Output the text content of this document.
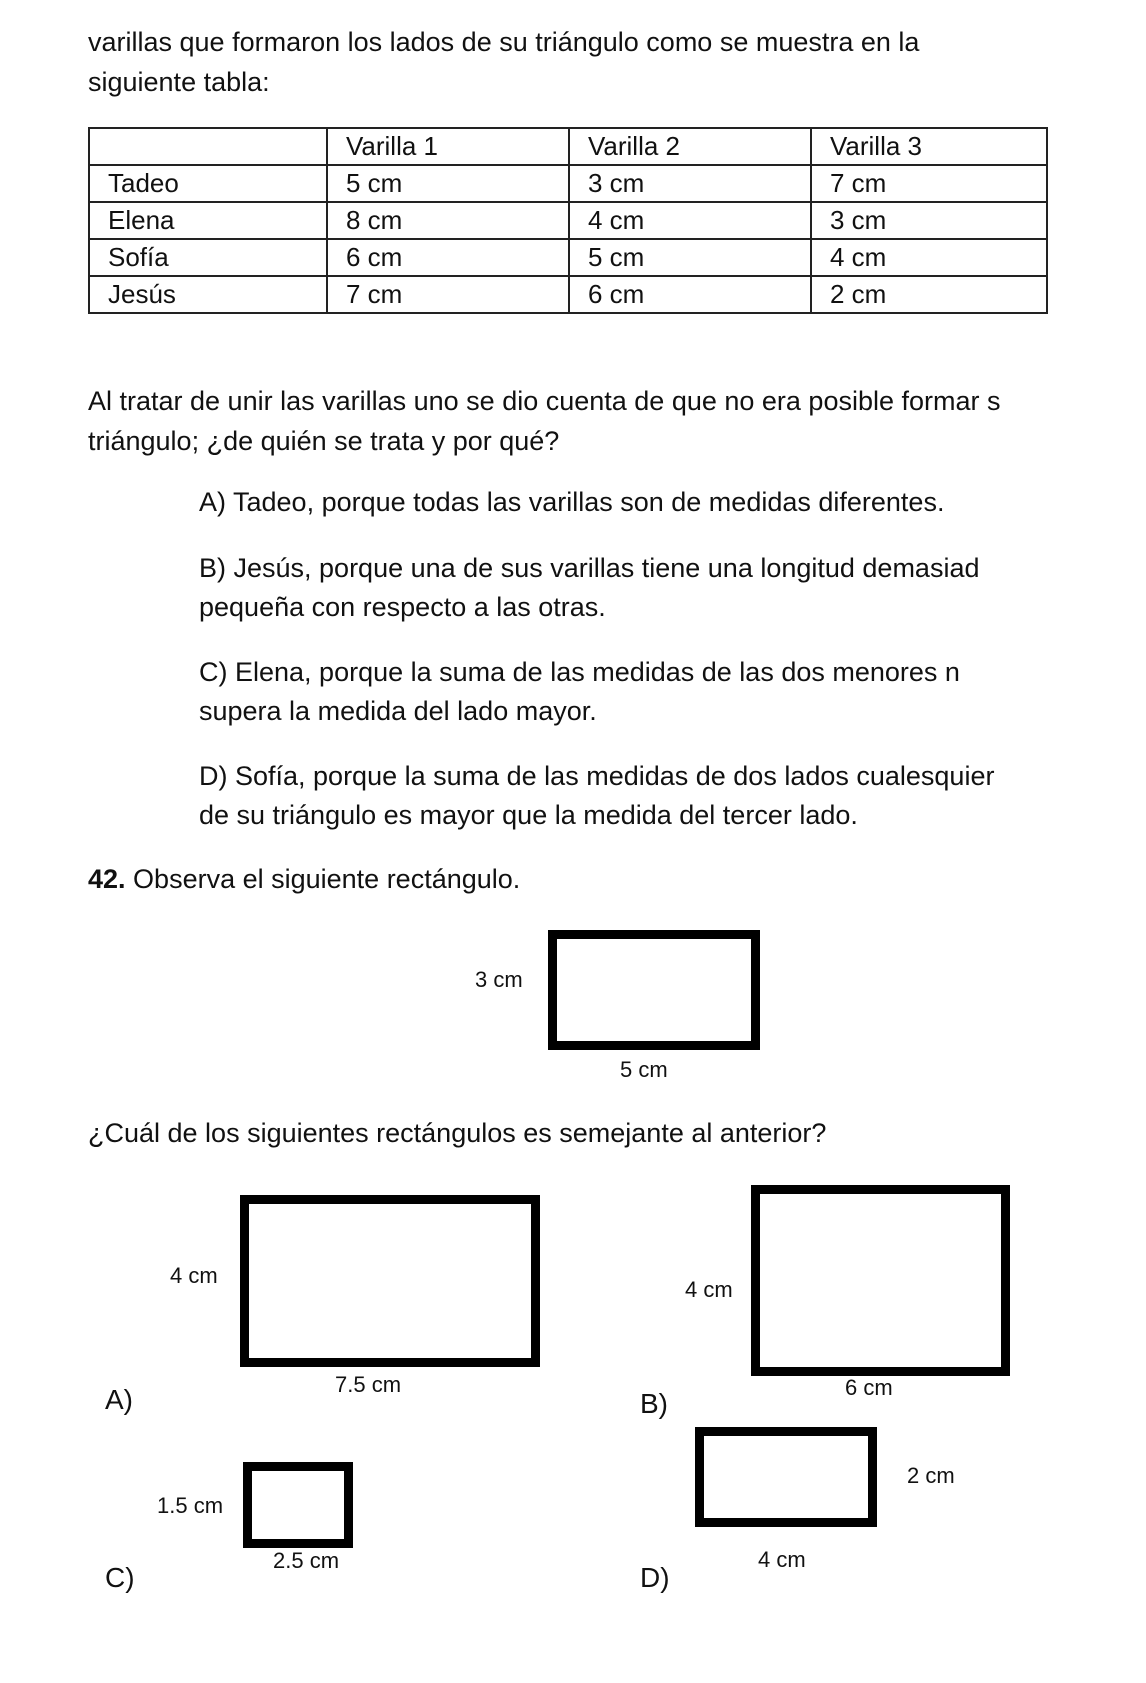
varillas que formaron los lados de su triángulo como se muestra en la

siguiente tabla:

	Varilla 1	Varilla 2	Varilla 3
Tadeo	5 cm	3 cm	7 cm
Elena	8 cm	4 cm	3 cm
Sofía	6 cm	5 cm	4 cm
Jesús	7 cm	6 cm	2 cm

Al tratar de unir las varillas uno se dio cuenta de que no era posible formar s

triángulo; ¿de quién se trata y por qué?

A) Tadeo, porque todas las varillas son de medidas diferentes.
B) Jesús, porque una de sus varillas tiene una longitud demasiad
pequeña con respecto a las otras.
C) Elena, porque la suma de las medidas de las dos menores n
supera la medida del lado mayor.
D) Sofía, porque la suma de las medidas de dos lados cualesquier
de su triángulo es mayor que la medida del tercer lado.

42. Observa el siguiente rectángulo.

3 cm
5 cm

¿Cuál de los siguientes rectángulos es semejante al anterior?

4 cm
7.5 cm
A)
4 cm
6 cm
B)
1.5 cm
2.5 cm
C)
2 cm
4 cm
D)
